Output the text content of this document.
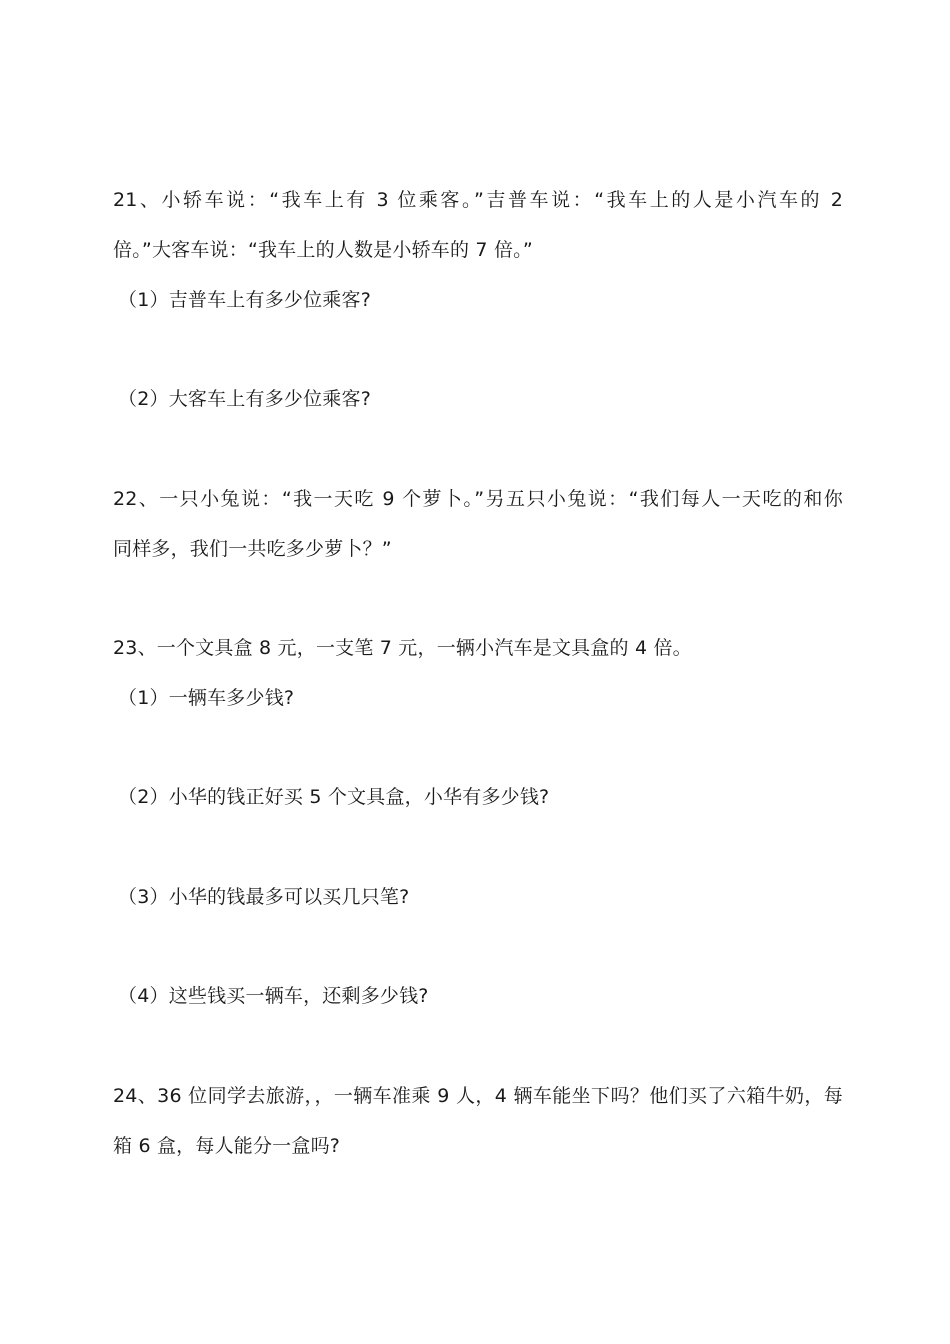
21、小轿车说：“我车上有 3 位乘客。”吉普车说：“我车上的人是小汽车的 2
倍。”大客车说：“我车上的人数是小轿车的 7 倍。”
（1）吉普车上有多少位乘客?
（2）大客车上有多少位乘客?
22、一只小兔说：“我一天吃 9 个萝卜。”另五只小兔说：“我们每人一天吃的和你
同样多，我们一共吃多少萝卜？”
23、一个文具盒 8 元，一支笔 7 元，一辆小汽车是文具盒的 4 倍。
（1）一辆车多少钱?
（2）小华的钱正好买 5 个文具盒，小华有多少钱?
（3）小华的钱最多可以买几只笔?
（4）这些钱买一辆车，还剩多少钱?
24、36 位同学去旅游，，一辆车准乘 9 人，4 辆车能坐下吗？他们买了六箱牛奶，每
箱 6 盒，每人能分一盒吗?
